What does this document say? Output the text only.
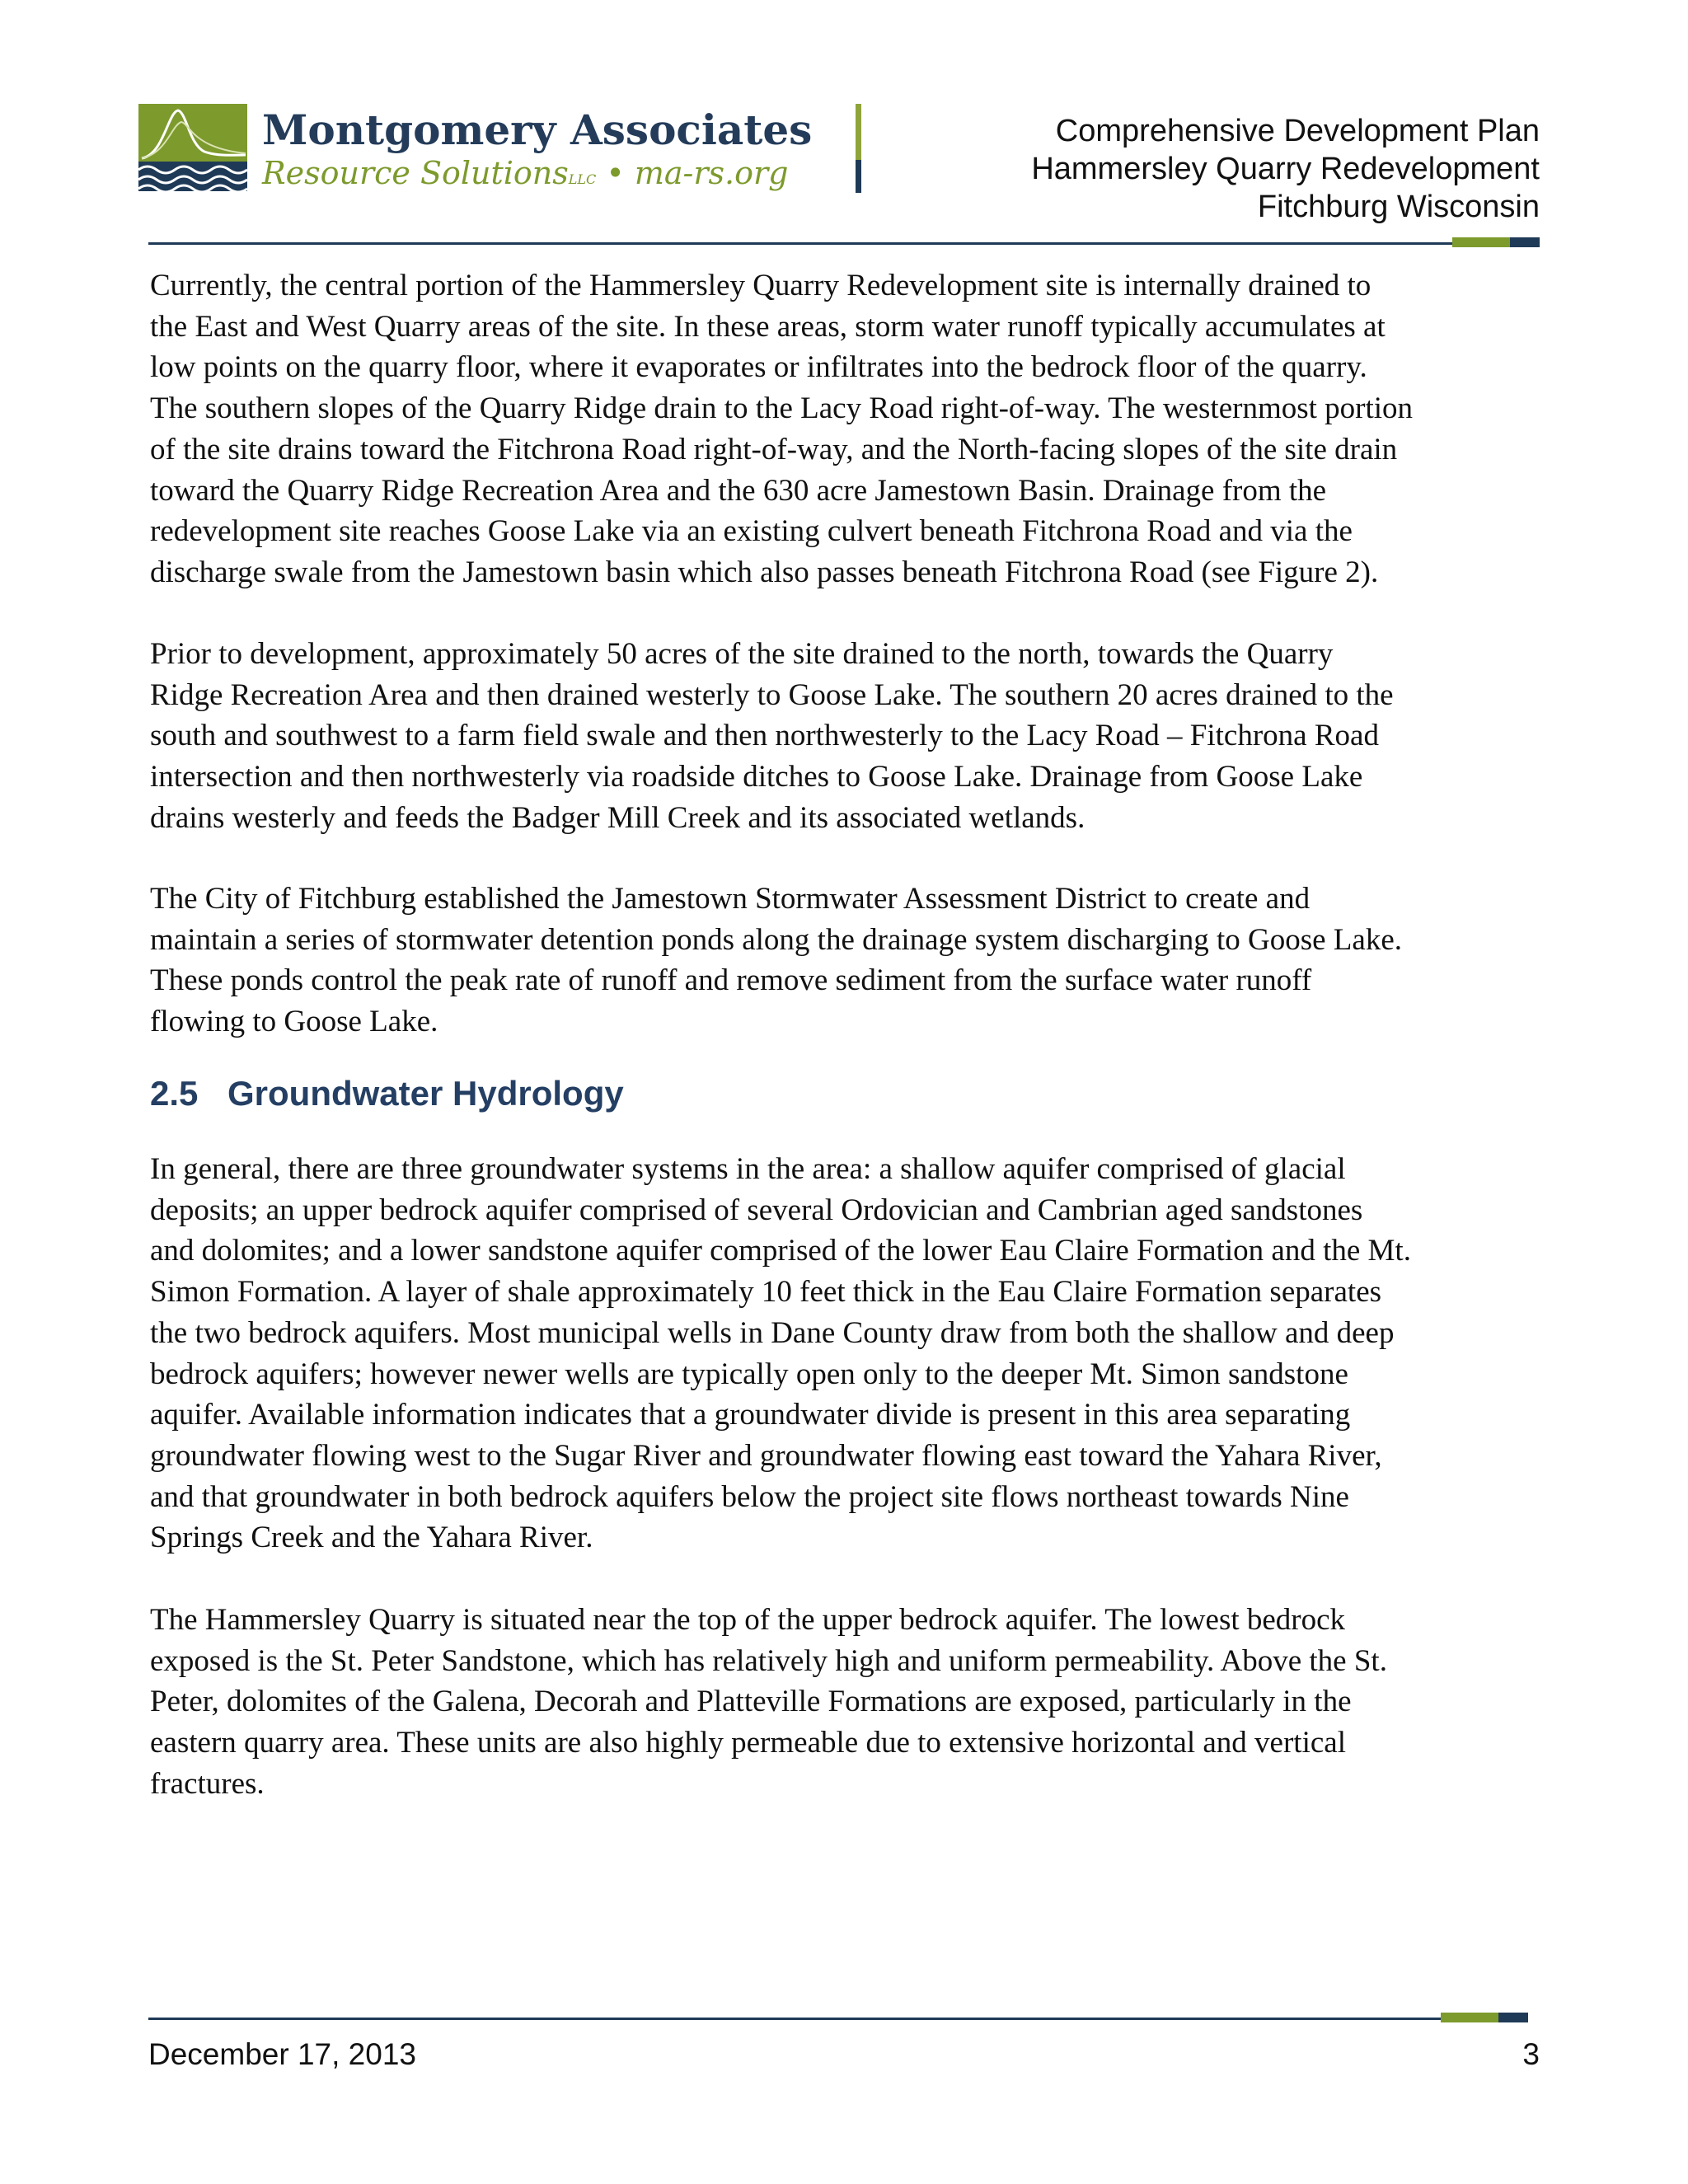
Montgomery Associates
Resource SolutionsLLC • ma-rs.org
Comprehensive Development Plan
Hammersley Quarry Redevelopment
Fitchburg Wisconsin

Currently, the central portion of the Hammersley Quarry Redevelopment site is internally drained to
the East and West Quarry areas of the site. In these areas, storm water runoff typically accumulates at
low points on the quarry floor, where it evaporates or infiltrates into the bedrock floor of the quarry.
The southern slopes of the Quarry Ridge drain to the Lacy Road right-of-way. The westernmost portion
of the site drains toward the Fitchrona Road right-of-way, and the North-facing slopes of the site drain
toward the Quarry Ridge Recreation Area and the 630 acre Jamestown Basin. Drainage from the
redevelopment site reaches Goose Lake via an existing culvert beneath Fitchrona Road and via the
discharge swale from the Jamestown basin which also passes beneath Fitchrona Road (see Figure 2).

Prior to development, approximately 50 acres of the site drained to the north, towards the Quarry
Ridge Recreation Area and then drained westerly to Goose Lake. The southern 20 acres drained to the
south and southwest to a farm field swale and then northwesterly to the Lacy Road – Fitchrona Road
intersection and then northwesterly via roadside ditches to Goose Lake. Drainage from Goose Lake
drains westerly and feeds the Badger Mill Creek and its associated wetlands.

The City of Fitchburg established the Jamestown Stormwater Assessment District to create and
maintain a series of stormwater detention ponds along the drainage system discharging to Goose Lake.
These ponds control the peak rate of runoff and remove sediment from the surface water runoff
flowing to Goose Lake.

2.5 Groundwater Hydrology

In general, there are three groundwater systems in the area: a shallow aquifer comprised of glacial
deposits; an upper bedrock aquifer comprised of several Ordovician and Cambrian aged sandstones
and dolomites; and a lower sandstone aquifer comprised of the lower Eau Claire Formation and the Mt.
Simon Formation. A layer of shale approximately 10 feet thick in the Eau Claire Formation separates
the two bedrock aquifers. Most municipal wells in Dane County draw from both the shallow and deep
bedrock aquifers; however newer wells are typically open only to the deeper Mt. Simon sandstone
aquifer. Available information indicates that a groundwater divide is present in this area separating
groundwater flowing west to the Sugar River and groundwater flowing east toward the Yahara River,
and that groundwater in both bedrock aquifers below the project site flows northeast towards Nine
Springs Creek and the Yahara River.

The Hammersley Quarry is situated near the top of the upper bedrock aquifer. The lowest bedrock
exposed is the St. Peter Sandstone, which has relatively high and uniform permeability. Above the St.
Peter, dolomites of the Galena, Decorah and Platteville Formations are exposed, particularly in the
eastern quarry area. These units are also highly permeable due to extensive horizontal and vertical
fractures.

December 17, 2013	3
